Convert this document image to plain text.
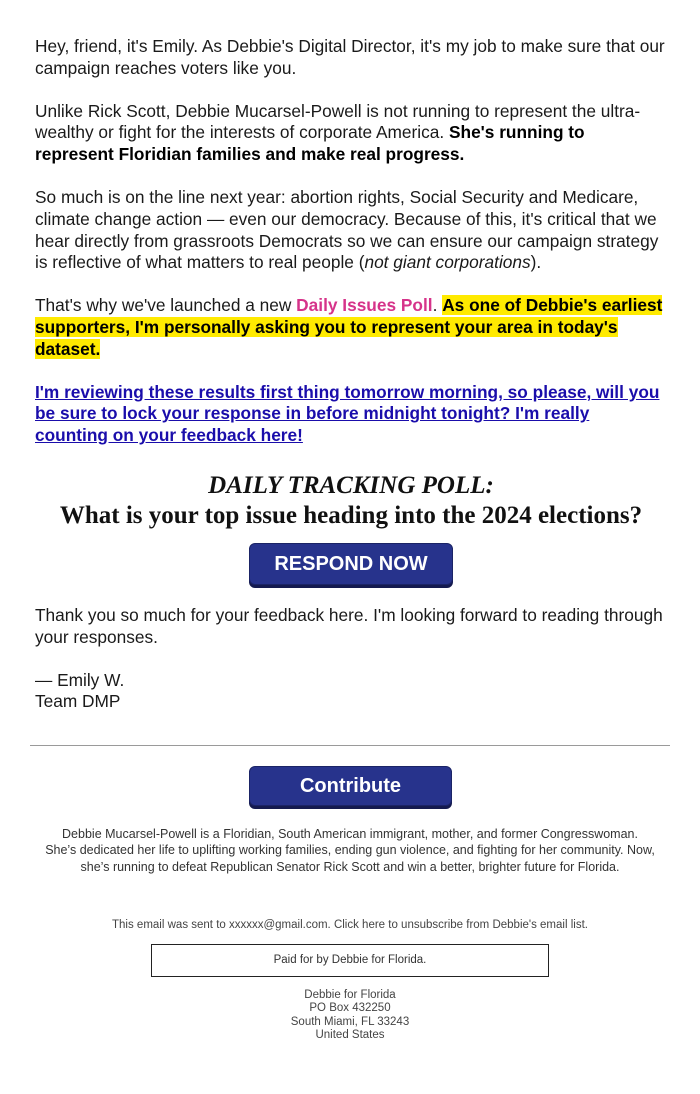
Hey, friend, it's Emily. As Debbie's Digital Director, it's my job to make sure that our campaign reaches voters like you.

Unlike Rick Scott, Debbie Mucarsel-Powell is not running to represent the ultra-wealthy or fight for the interests of corporate America. She's running to represent Floridian families and make real progress.

So much is on the line next year: abortion rights, Social Security and Medicare, climate change action — even our democracy. Because of this, it's critical that we hear directly from grassroots Democrats so we can ensure our campaign strategy is reflective of what matters to real people (not giant corporations).

That's why we've launched a new Daily Issues Poll. As one of Debbie's earliest supporters, I'm personally asking you to represent your area in today's dataset.

I'm reviewing these results first thing tomorrow morning, so please, will you be sure to lock your response in before midnight tonight? I'm really counting on your feedback here!

DAILY TRACKING POLL:
What is your top issue heading into the 2024 elections?
RESPOND NOW

Thank you so much for your feedback here. I'm looking forward to reading through your responses.

— Emily W.
Team DMP
Contribute
Debbie Mucarsel-Powell is a Floridian, South American immigrant, mother, and former Congresswoman. She’s dedicated her life to uplifting working families, ending gun violence, and fighting for her community. Now, she’s running to defeat Republican Senator Rick Scott and win a better, brighter future for Florida.
This email was sent to xxxxxx@gmail.com. Click here to unsubscribe from Debbie's email list.
Paid for by Debbie for Florida.
Debbie for Florida
PO Box 432250
South Miami, FL 33243
United States
